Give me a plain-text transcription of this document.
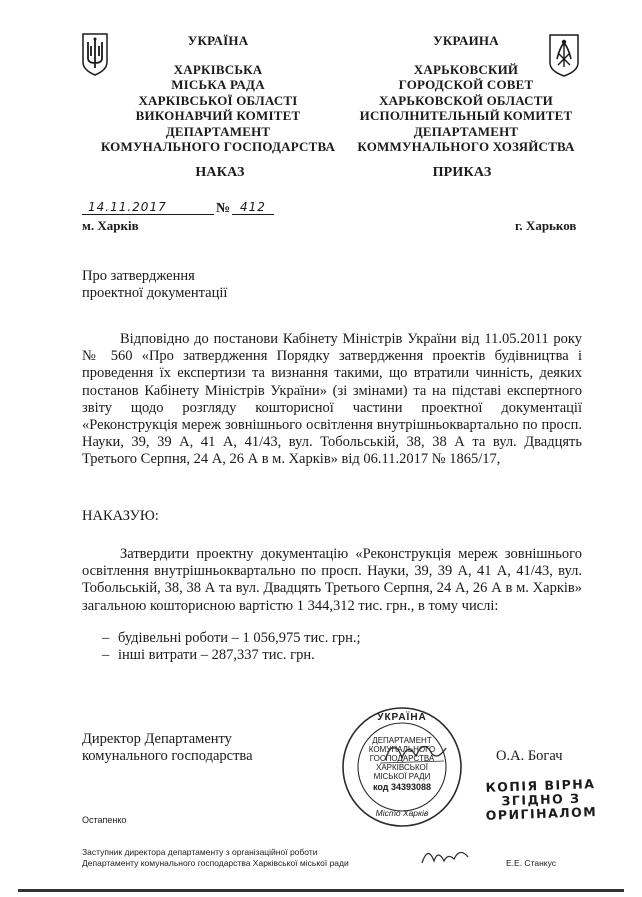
УКРАЇНА
ХАРКІВСЬКА
МІСЬКА РАДА
ХАРКІВСЬКОЇ ОБЛАСТІ
ВИКОНАВЧИЙ КОМІТЕТ
ДЕПАРТАМЕНТ
КОМУНАЛЬНОГО ГОСПОДАРСТВА
УКРАИНА
ХАРЬКОВСКИЙ
ГОРОДСКОЙ СОВЕТ
ХАРЬКОВСКОЙ ОБЛАСТИ
ИСПОЛНИТЕЛЬНЫЙ КОМИТЕТ
ДЕПАРТАМЕНТ
КОММУНАЛЬНОГО ХОЗЯЙСТВА
НАКАЗ	ПРИКАЗ
14.11.2017	№ 412
м. Харків	г. Харьков
Про затвердження
проектної документації
Відповідно до постанови Кабінету Міністрів України від 11.05.2011 року № 560 «Про затвердження Порядку затвердження проектів будівництва і проведення їх експертизи та визнання такими, що втратили чинність, деяких постанов Кабінету Міністрів України» (зі змінами) та на підставі експертного звіту щодо розгляду кошторисної частини проектної документації «Реконструкція мереж зовнішнього освітлення внутрішньоквартально по просп. Науки, 39, 39 А, 41 А, 41/43, вул. Тобольській, 38, 38 А та вул. Двадцять Третього Серпня, 24 А, 26 А в м. Харків» від 06.11.2017 № 1865/17,
НАКАЗУЮ:
Затвердити проектну документацію «Реконструкція мереж зовнішнього освітлення внутрішньоквартально по просп. Науки, 39, 39 А, 41 А, 41/43, вул. Тобольській, 38, 38 А та вул. Двадцять Третього Серпня, 24 А, 26 А в м. Харків» загальною кошторисною вартістю 1 344,312 тис. грн., в тому числі:
– будівельні роботи – 1 056,975 тис. грн.;
– інші витрати – 287,337 тис. грн.
Директор Департаменту
комунального господарства	О.А. Богач
УКРАЇНА
ДЕПАРТАМЕНТ
КОМУНАЛЬНОГО
ГОСПОДАРСТВА
ХАРКІВСЬКОЇ
МІСЬКОЇ РАДИ
код 34393088
Місто Харків
КОПІЯ ВІРНА
ЗГІДНО З
ОРИГІНАЛОМ
Остапенко
Заступник директора департаменту з організаційної роботи
Департаменту комунального господарства Харківської міської ради	Е.Е. Станкус
